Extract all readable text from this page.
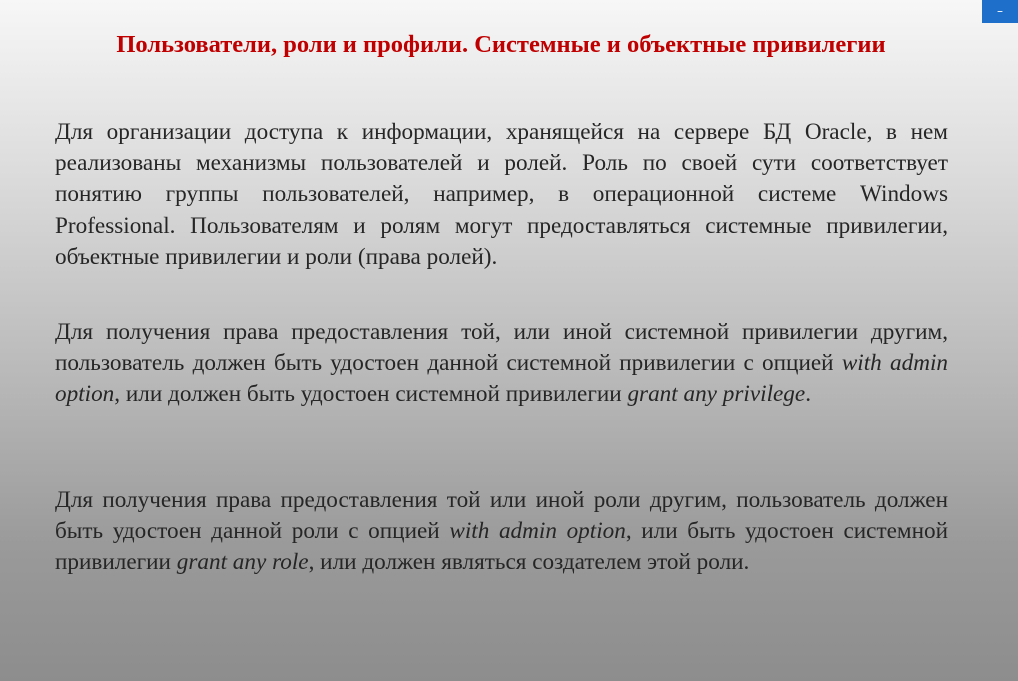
–
Пользователи, роли и профили. Системные и объектные привилегии

Для организации доступа к информации, хранящейся на сервере БД Oracle, в нем реализованы механизмы пользователей и ролей. Роль по своей сути соответствует понятию группы пользователей, например, в операционной системе Windows Professional. Пользователям и ролям могут предоставляться системные привилегии, объектные привилегии и роли (права ролей).

Для получения права предоставления той, или иной системной привилегии другим, пользователь должен быть удостоен данной системной привилегии с опцией with admin option, или должен быть удостоен системной привилегии grant any privilege.

Для получения права предоставления той или иной роли другим, пользователь должен быть удостоен данной роли с опцией with admin option, или быть удостоен системной привилегии grant any role, или должен являться создателем этой роли.
